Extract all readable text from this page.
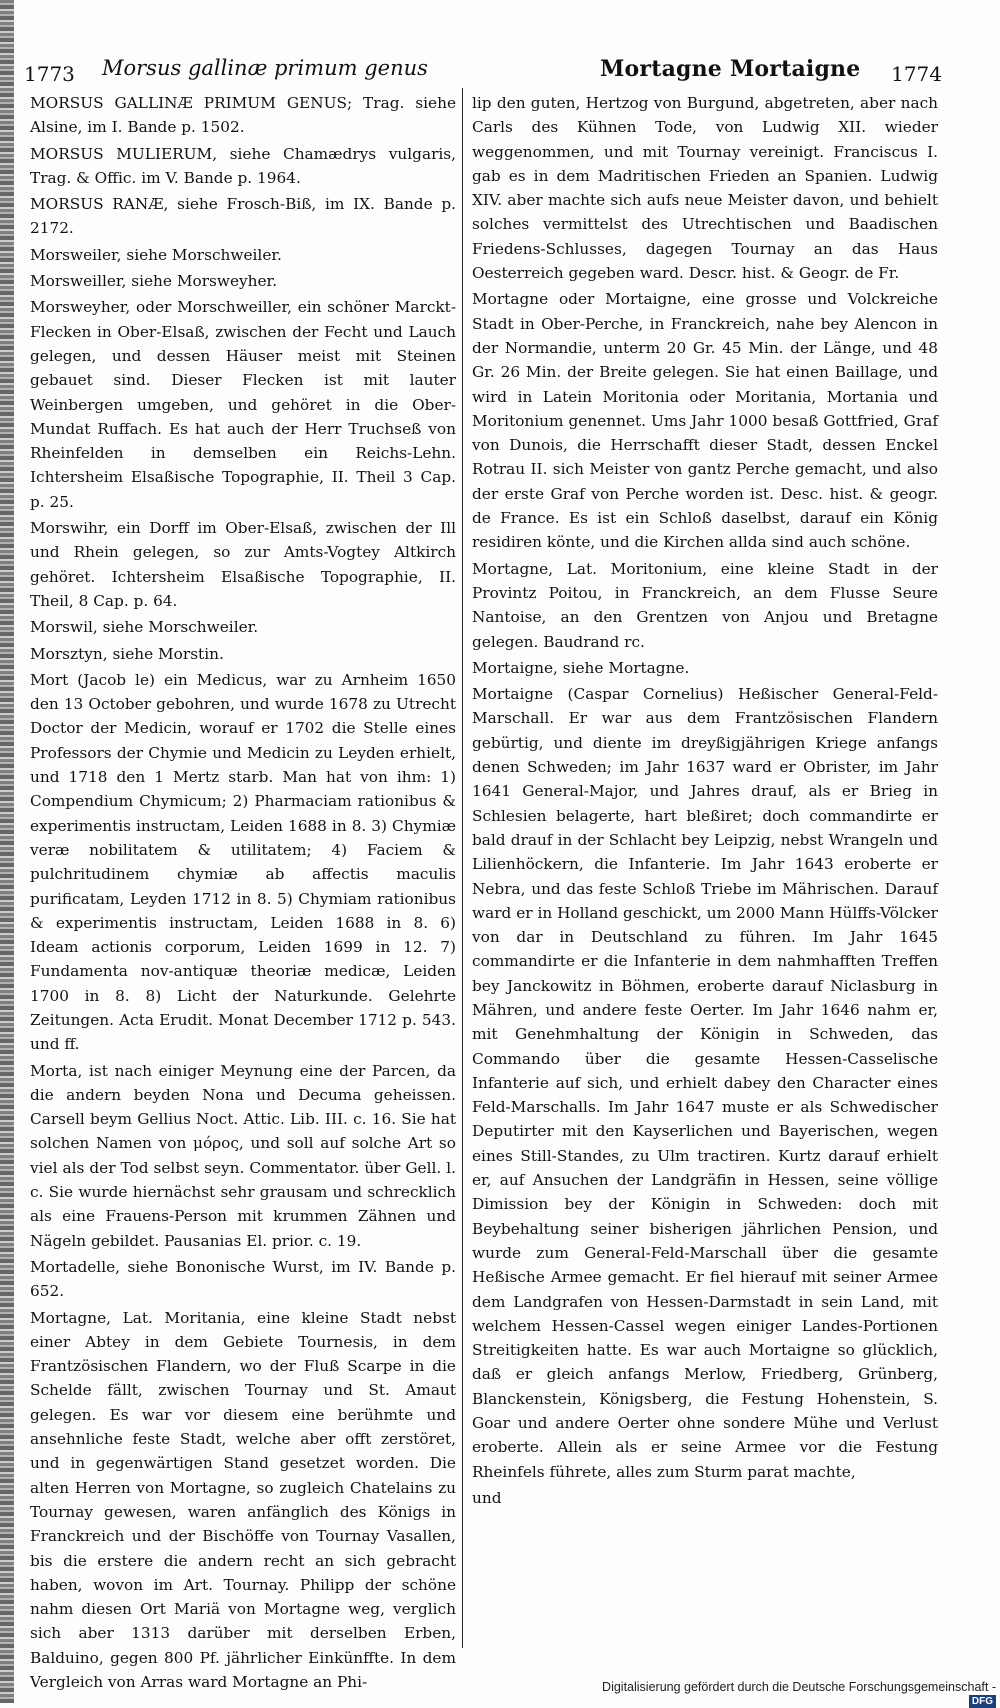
1773 Morsus gallinæ primum genus	Mortagne Mortaigne 1774

MORSUS GALLINÆ PRIMUM GENUS; Trag. siehe Alsine, im I. Bande p. 1502.

MORSUS MULIERUM, siehe Chamædrys vulgaris, Trag. & Offic. im V. Bande p. 1964.

MORSUS RANÆ, siehe Frosch-Biß, im IX. Bande p. 2172.

Morsweiler, siehe Morschweiler.

Morsweiller, siehe Morsweyher.

Morsweyher, oder Morschweiller, ein schöner Marckt-Flecken in Ober-Elsaß, zwischen der Fecht und Lauch gelegen, und dessen Häuser meist mit Steinen gebauet sind. Dieser Flecken ist mit lauter Weinbergen umgeben, und gehöret in die Ober-Mundat Ruffach. Es hat auch der Herr Truchseß von Rheinfelden in demselben ein Reichs-Lehn. Ichtersheim Elsaßische Topographie, II. Theil 3 Cap. p. 25.

Morswihr, ein Dorff im Ober-Elsaß, zwischen der Ill und Rhein gelegen, so zur Amts-Vogtey Altkirch gehöret. Ichtersheim Elsaßische Topographie, II. Theil, 8 Cap. p. 64.

Morswil, siehe Morschweiler.

Morsztyn, siehe Morstin.

Mort (Jacob le) ein Medicus, war zu Arnheim 1650 den 13 October gebohren, und wurde 1678 zu Utrecht Doctor der Medicin, worauf er 1702 die Stelle eines Professors der Chymie und Medicin zu Leyden erhielt, und 1718 den 1 Mertz starb. Man hat von ihm: 1) Compendium Chymicum; 2) Pharmaciam rationibus & experimentis instructam, Leiden 1688 in 8. 3) Chymiæ veræ nobilitatem & utilitatem; 4) Faciem & pulchritudinem chymiæ ab affectis maculis purificatam, Leyden 1712 in 8. 5) Chymiam rationibus & experimentis instructam, Leiden 1688 in 8. 6) Ideam actionis corporum, Leiden 1699 in 12. 7) Fundamenta nov-antiquæ theoriæ medicæ, Leiden 1700 in 8. 8) Licht der Naturkunde. Gelehrte Zeitungen. Acta Erudit. Monat December 1712 p. 543. und ff.

Morta, ist nach einiger Meynung eine der Parcen, da die andern beyden Nona und Decuma geheissen. Carsell beym Gellius Noct. Attic. Lib. III. c. 16. Sie hat solchen Namen von μόρος, und soll auf solche Art so viel als der Tod selbst seyn. Commentator. über Gell. l. c. Sie wurde hiernächst sehr grausam und schrecklich als eine Frauens-Person mit krummen Zähnen und Nägeln gebildet. Pausanias El. prior. c. 19.

Mortadelle, siehe Bononische Wurst, im IV. Bande p. 652.

Mortagne, Lat. Moritania, eine kleine Stadt nebst einer Abtey in dem Gebiete Tournesis, in dem Frantzösischen Flandern, wo der Fluß Scarpe in die Schelde fällt, zwischen Tournay und St. Amaut gelegen. Es war vor diesem eine berühmte und ansehnliche feste Stadt, welche aber offt zerstöret, und in gegenwärtigen Stand gesetzet worden. Die alten Herren von Mortagne, so zugleich Chatelains zu Tournay gewesen, waren anfänglich des Königs in Franckreich und der Bischöffe von Tournay Vasallen, bis die erstere die andern recht an sich gebracht haben, wovon im Art. Tournay. Philipp der schöne nahm diesen Ort Mariä von Mortagne weg, verglich sich aber 1313 darüber mit derselben Erben, Balduino, gegen 800 Pf. jährlicher Einkünffte. In dem Vergleich von Arras ward Mortagne an Phi-

lip den guten, Hertzog von Burgund, abgetreten, aber nach Carls des Kühnen Tode, von Ludwig XII. wieder weggenommen, und mit Tournay vereinigt. Franciscus I. gab es in dem Madritischen Frieden an Spanien. Ludwig XIV. aber machte sich aufs neue Meister davon, und behielt solches vermittelst des Utrechtischen und Baadischen Friedens-Schlusses, dagegen Tournay an das Haus Oesterreich gegeben ward. Descr. hist. & Geogr. de Fr.

Mortagne oder Mortaigne, eine grosse und Volckreiche Stadt in Ober-Perche, in Franckreich, nahe bey Alencon in der Normandie, unterm 20 Gr. 45 Min. der Länge, und 48 Gr. 26 Min. der Breite gelegen. Sie hat einen Baillage, und wird in Latein Moritonia oder Moritania, Mortania und Moritonium genennet. Ums Jahr 1000 besaß Gottfried, Graf von Dunois, die Herrschafft dieser Stadt, dessen Enckel Rotrau II. sich Meister von gantz Perche gemacht, und also der erste Graf von Perche worden ist. Desc. hist. & geogr. de France. Es ist ein Schloß daselbst, darauf ein König residiren könte, und die Kirchen allda sind auch schöne.

Mortagne, Lat. Moritonium, eine kleine Stadt in der Provintz Poitou, in Franckreich, an dem Flusse Seure Nantoise, an den Grentzen von Anjou und Bretagne gelegen. Baudrand rc.

Mortaigne, siehe Mortagne.

Mortaigne (Caspar Cornelius) Heßischer General-Feld-Marschall. Er war aus dem Frantzösischen Flandern gebürtig, und diente im dreyßigjährigen Kriege anfangs denen Schweden; im Jahr 1637 ward er Obrister, im Jahr 1641 General-Major, und Jahres drauf, als er Brieg in Schlesien belagerte, hart bleßiret; doch commandirte er bald drauf in der Schlacht bey Leipzig, nebst Wrangeln und Lilienhöckern, die Infanterie. Im Jahr 1643 eroberte er Nebra, und das feste Schloß Triebe im Mährischen. Darauf ward er in Holland geschickt, um 2000 Mann Hülffs-Völcker von dar in Deutschland zu führen. Im Jahr 1645 commandirte er die Infanterie in dem nahmhafften Treffen bey Janckowitz in Böhmen, eroberte darauf Niclasburg in Mähren, und andere feste Oerter. Im Jahr 1646 nahm er, mit Genehmhaltung der Königin in Schweden, das Commando über die gesamte Hessen-Casselische Infanterie auf sich, und erhielt dabey den Character eines Feld-Marschalls. Im Jahr 1647 muste er als Schwedischer Deputirter mit den Kayserlichen und Bayerischen, wegen eines Still-Standes, zu Ulm tractiren. Kurtz darauf erhielt er, auf Ansuchen der Landgräfin in Hessen, seine völlige Dimission bey der Königin in Schweden: doch mit Beybehaltung seiner bisherigen jährlichen Pension, und wurde zum General-Feld-Marschall über die gesamte Heßische Armee gemacht. Er fiel hierauf mit seiner Armee dem Landgrafen von Hessen-Darmstadt in sein Land, mit welchem Hessen-Cassel wegen einiger Landes-Portionen Streitigkeiten hatte. Es war auch Mortaigne so glücklich, daß er gleich anfangs Merlow, Friedberg, Grünberg, Blanckenstein, Königsberg, die Festung Hohenstein, S. Goar und andere Oerter ohne sondere Mühe und Verlust eroberte. Allein als er seine Armee vor die Festung Rheinfels führete, alles zum Sturm parat machte,

und

Digitalisierung gefördert durch die Deutsche Forschungsgemeinschaft -DFG
